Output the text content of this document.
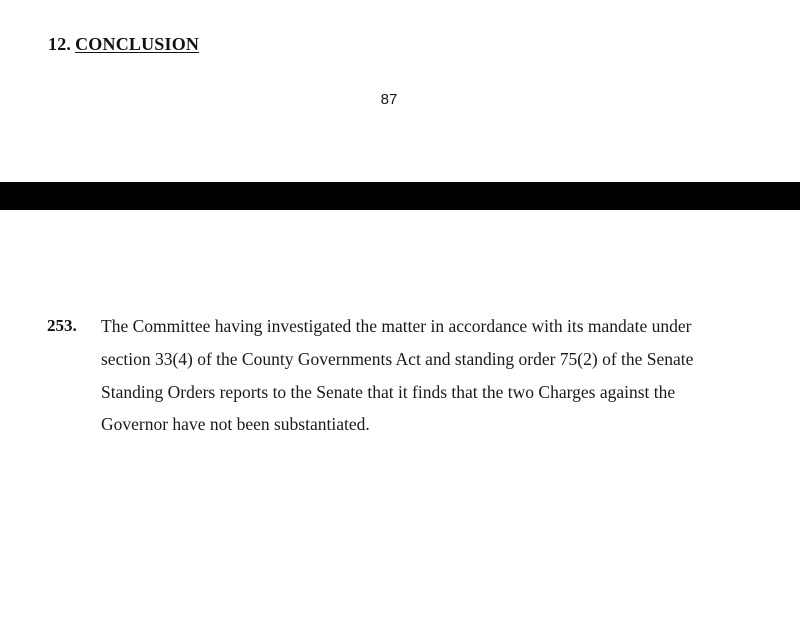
12. CONCLUSION
87
253. The Committee having investigated the matter in accordance with its mandate under
section 33(4) of the County Governments Act and standing order 75(2) of the Senate
Standing Orders reports to the Senate that it finds that the two Charges against the
Governor have not been substantiated.
